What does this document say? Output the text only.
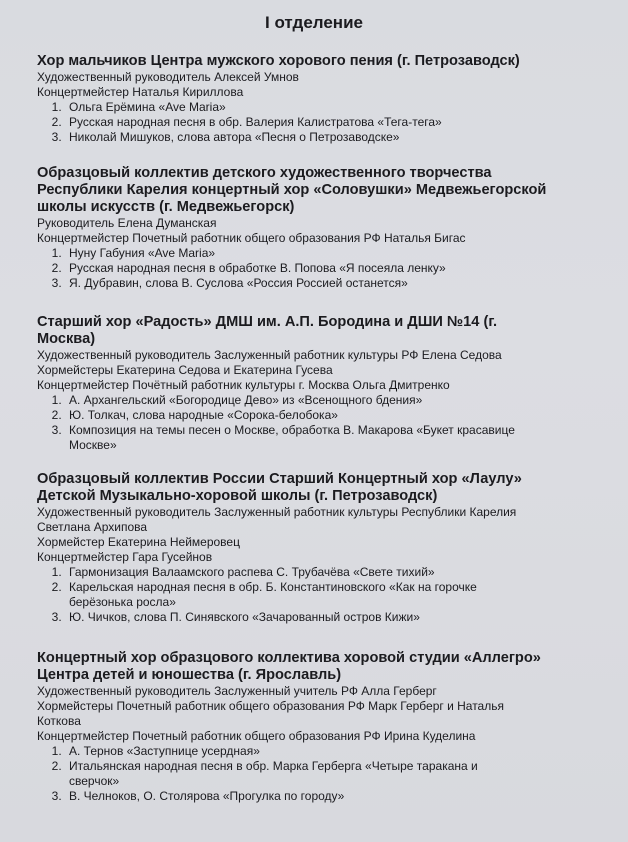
I отделение
Хор мальчиков Центра мужского хорового пения (г. Петрозаводск)
Художественный руководитель Алексей Умнов
Концертмейстер Наталья Кириллова
1. Ольга Ерёмина «Ave Maria»
2. Русская народная песня в обр. Валерия Калистратова «Тега-тега»
3. Николай Мишуков, слова автора «Песня о Петрозаводске»
Образцовый коллектив детского художественного творчества
Республики Карелия концертный хор «Соловушки» Медвежьегорской
школы искусств (г. Медвежьегорск)
Руководитель Елена Думанская
Концертмейстер Почетный работник общего образования РФ Наталья Бигас
1. Нуну Габуния «Ave Maria»
2. Русская народная песня в обработке В. Попова «Я посеяла ленку»
3. Я. Дубравин, слова В. Суслова «Россия Россией останется»
Старший хор «Радость» ДМШ им. А.П. Бородина и ДШИ №14 (г.
Москва)
Художественный руководитель Заслуженный работник культуры РФ Елена Седова
Хормейстеры Екатерина Седова и Екатерина Гусева
Концертмейстер Почётный работник культуры г. Москва Ольга Дмитренко
1. А. Архангельский «Богородице Дево» из «Всенощного бдения»
2. Ю. Толкач, слова народные «Сорока-белобока»
3. Композиция на темы песен о Москве, обработка В. Макарова «Букет красавице
Москве»
Образцовый коллектив России Старший Концертный хор «Лаулу»
Детской Музыкально-хоровой школы (г. Петрозаводск)
Художественный руководитель Заслуженный работник культуры Республики Карелия
Светлана Архипова
Хормейстер Екатерина Неймеровец
Концертмейстер Гара Гусейнов
1. Гармонизация Валаамского распева С. Трубачёва «Свете тихий»
2. Карельская народная песня в обр. Б. Константиновского «Как на горочке
берёзонька росла»
3. Ю. Чичков, слова П. Синявского «Зачарованный остров Кижи»
Концертный хор образцового коллектива хоровой студии «Аллегро»
Центра детей и юношества (г. Ярославль)
Художественный руководитель Заслуженный учитель РФ Алла Герберг
Хормейстеры Почетный работник общего образования РФ Марк Герберг и Наталья
Коткова
Концертмейстер Почетный работник общего образования РФ Ирина Куделина
1. А. Тернов «Заступнице усердная»
2. Итальянская народная песня в обр. Марка Герберга «Четыре таракана и
сверчок»
3. В. Челноков, О. Столярова «Прогулка по городу»
